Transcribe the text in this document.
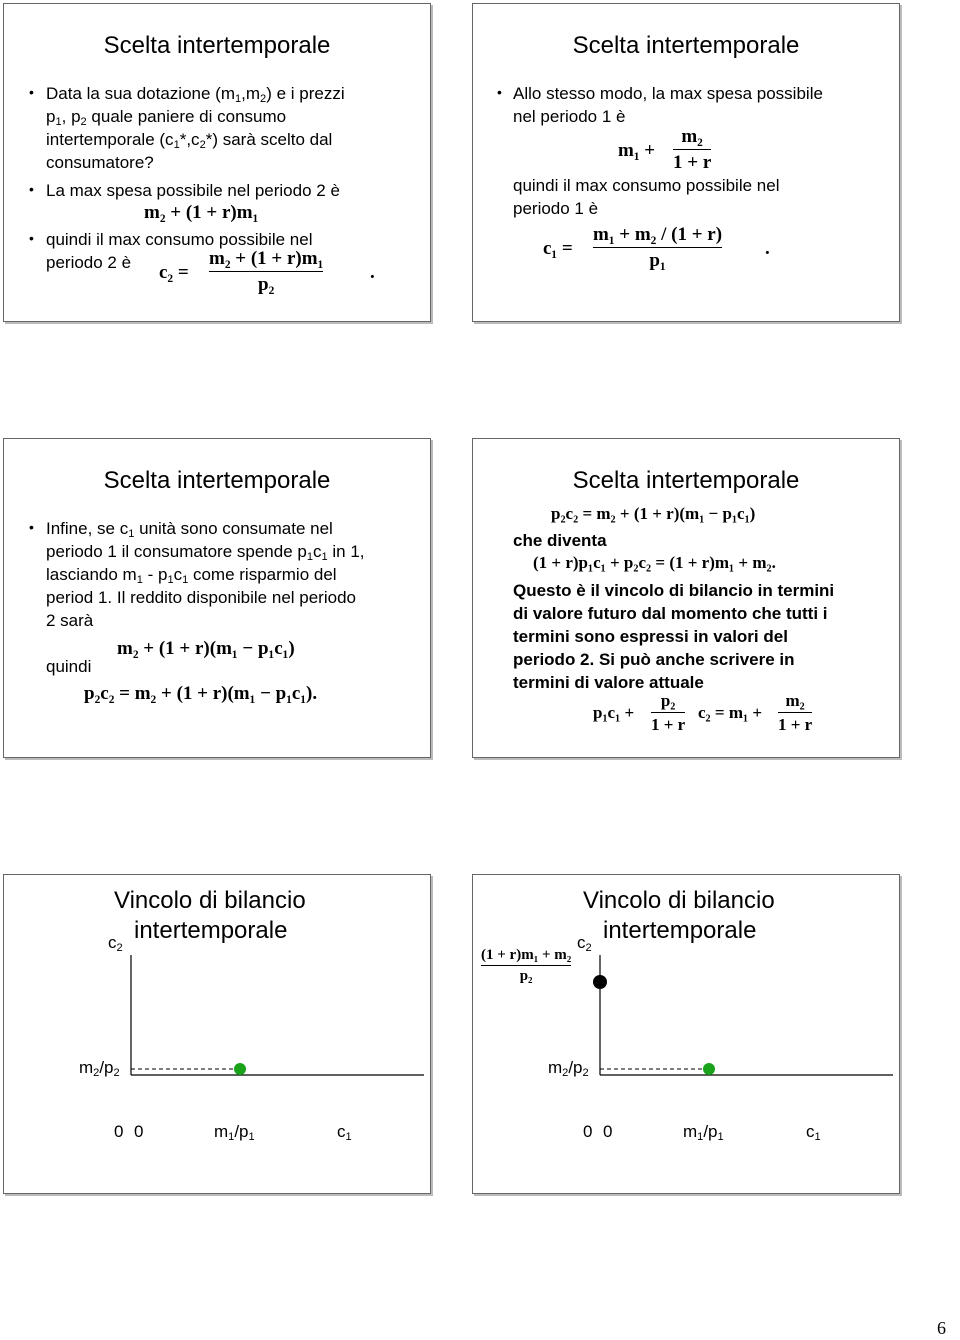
Scelta intertemporale
• Data la sua dotazione $(m_1,m_2)$ e i prezzi
$p_1$, $p_2$ quale paniere di consumo
intertemporale $(c_1*,c_2*)$ sarà scelto dal
consumatore?
• La max spesa possibile nel periodo 2 è
m₂ + (1 + r)m₁
• quindi il max consumo possibile nel
periodo 2 è c₂ =
m₂ + (1 + r)m₁
p₂
.
Scelta intertemporale
• Allo stesso modo, la max spesa possibile
nel periodo 1 è
m₁ +
m₂
1 + r
quindi il max consumo possibile nel
periodo 1 è
c₁ =
m₁ + m₂ / (1 + r)
p₁
.
Scelta intertemporale
• Infine, se $c_1$ unità sono consumate nel
periodo 1 il consumatore spende $p_1c_1$ in 1,
lasciando $m_1 - p_1c_1$ come risparmio del
period 1. Il reddito disponibile nel periodo
2 sarà
m₂ + (1 + r)(m₁ − p₁c₁)
quindi
p₂c₂ = m₂ + (1 + r)(m₁ − p₁c₁).
Scelta intertemporale
p₂c₂ = m₂ + (1 + r)(m₁ − p₁c₁)
che diventa
(1 + r)p₁c₁ + p₂c₂ = (1 + r)m₁ + m₂.
Questo è il vincolo di bilancio in termini
di valore futuro dal momento che tutti i
termini sono espressi in valori del
periodo 2. Si può anche scrivere in
termini di valore attuale
p₁c₁ +
p₂
1 + r
c₂ = m₁ +
m₂
1 + r
Vincolo di bilancio
intertemporale
$c_2$
$m_2/p_2$
0 0	$m_1/p_1$	$c_1$
Vincolo di bilancio
intertemporale
$c_2$
(1 + r)m₁ + m₂
p₂
$m_2/p_2$
0 0	$m_1/p_1$	$c_1$
6
